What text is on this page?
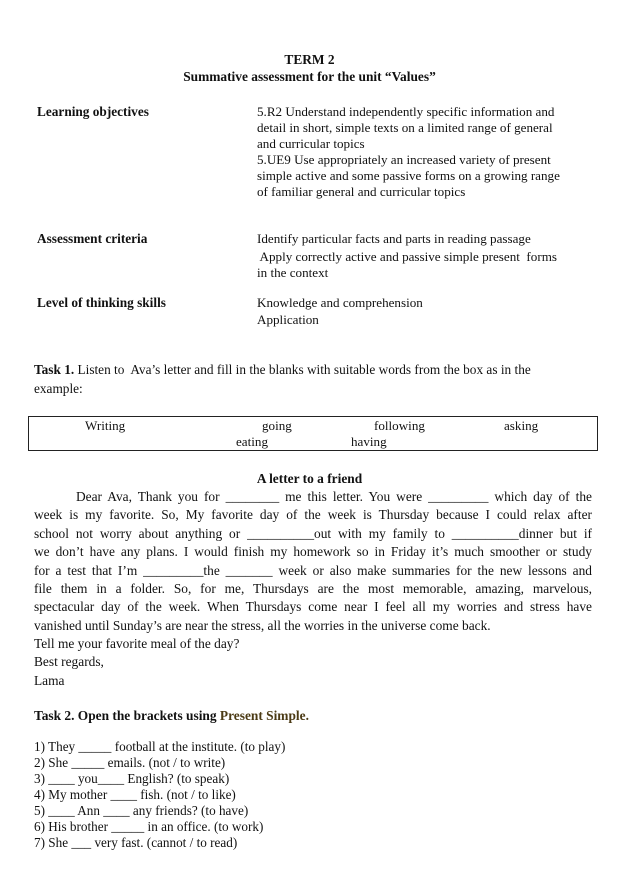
TERM 2
Summative assessment for the unit “Values”
Learning objectives	5.R2 Understand independently specific information and
detail in short, simple texts on a limited range of general
and curricular topics
5.UE9 Use appropriately an increased variety of present
simple active and some passive forms on a growing range
of familiar general and curricular topics
Assessment criteria	Identify particular facts and parts in reading passage
Apply correctly active and passive simple present  forms
in the context
Level of thinking skills	Knowledge and comprehension
Application
Task 1. Listen to  Ava’s letter and fill in the blanks with suitable words from the box as in the
example:
Writing	going	following	asking
eating	having
A letter to a friend
Dear Ava, Thank you for ________ me this letter. You were _________ which day of the
week is my favorite. So, My favorite day of the week is Thursday because I could relax after
school not worry about anything or __________out with my family to __________dinner but if
we don’t have any plans. I would finish my homework so in Friday it’s much smoother or study
for a test that I’m _________the _______ week or also make summaries for the new lessons and
file them in a folder. So, for me, Thursdays are the most memorable, amazing, marvelous,
spectacular day of the week. When Thursdays come near I feel all my worries and stress have
vanished until Sunday’s are near the stress, all the worries in the universe come back.
Tell me your favorite meal of the day?
Best regards,
Lama
Task 2. Open the brackets using Present Simple.
1) They _____ football at the institute. (to play)
2) She _____ emails. (not / to write)
3) ____ you____ English? (to speak)
4) My mother ____ fish. (not / to like)
5) ____ Ann ____ any friends? (to have)
6) His brother _____ in an office. (to work)
7) She ___ very fast. (cannot / to read)
